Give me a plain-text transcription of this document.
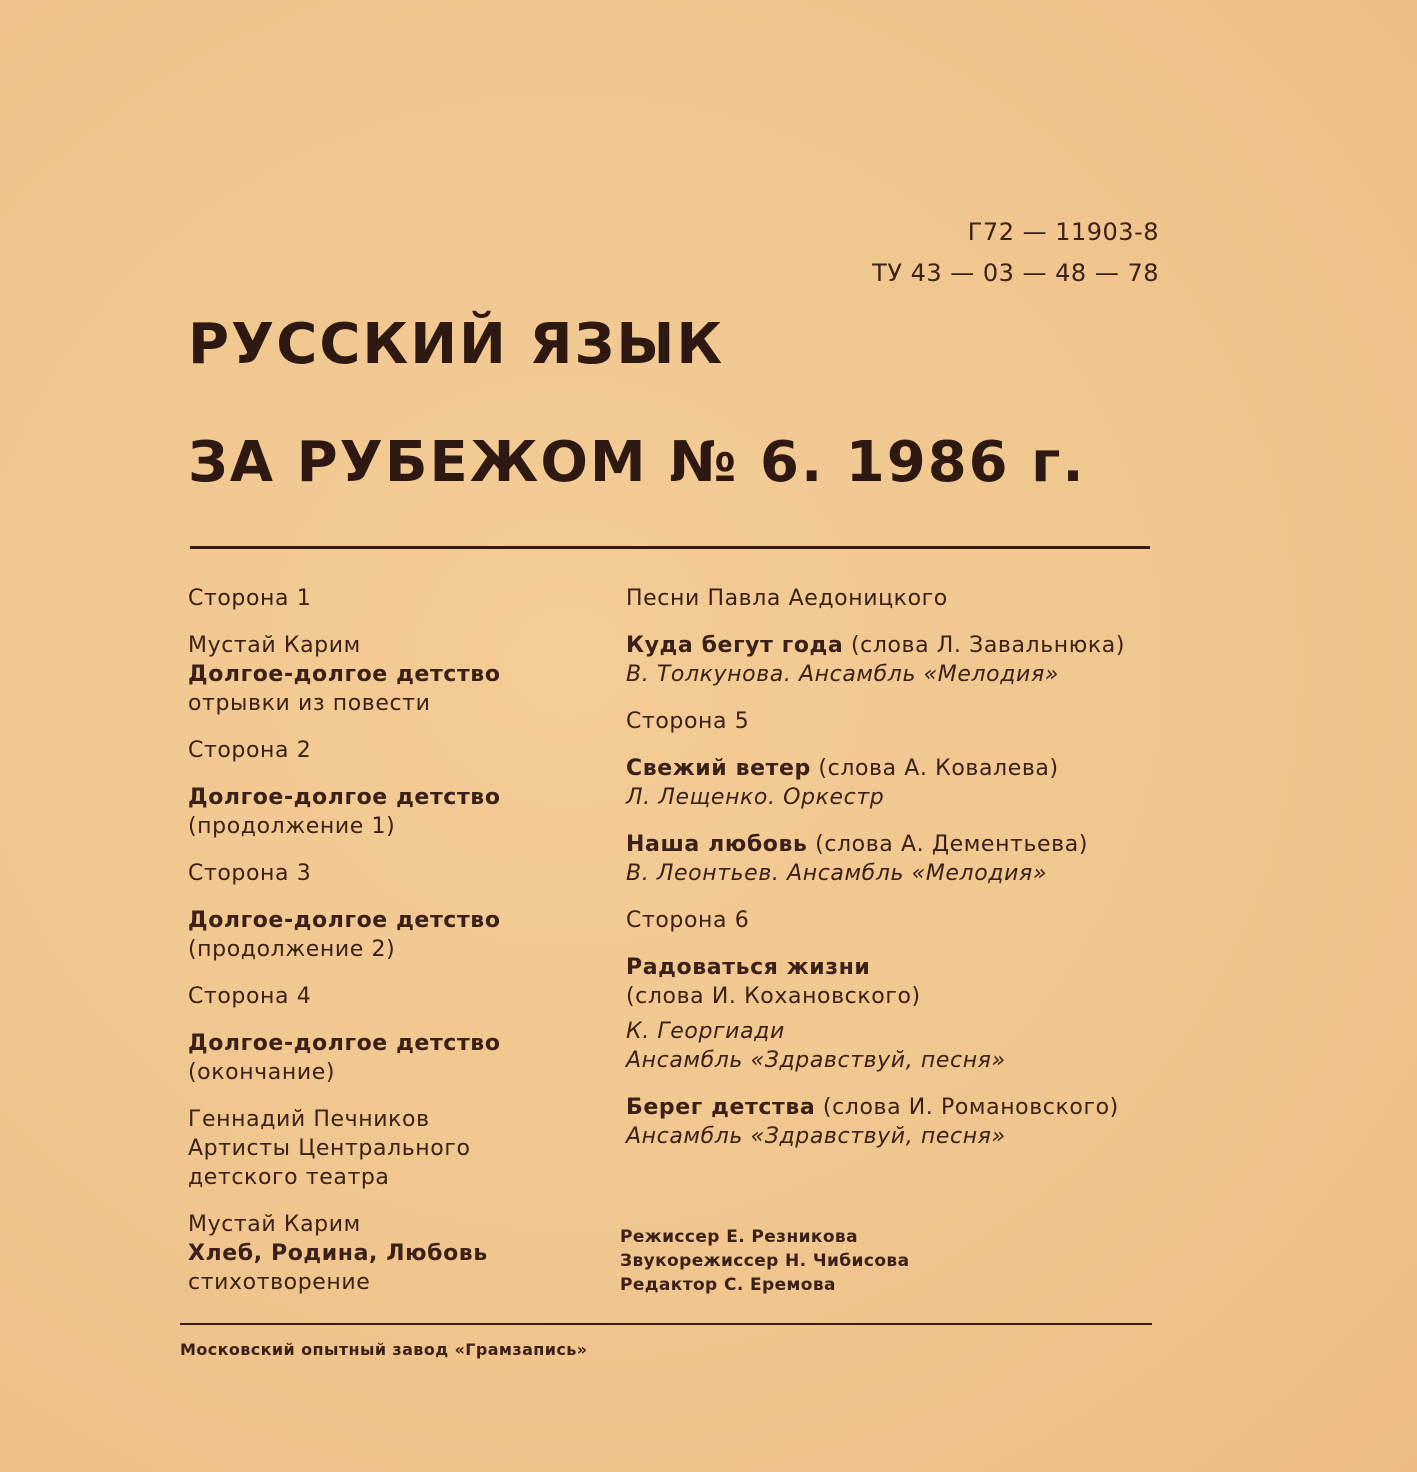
Г72 — 11903-8
ТУ 43 — 03 — 48 — 78
РУССКИЙ ЯЗЫК
ЗА РУБЕЖОМ № 6. 1986 г.
Сторона 1
Мустай Карим
Долгое-долгое детство
отрывки из повести
Сторона 2
Долгое-долгое детство
(продолжение 1)
Сторона 3
Долгое-долгое детство
(продолжение 2)
Сторона 4
Долгое-долгое детство
(окончание)
Геннадий Печников
Артисты Центрального
детского театра
Мустай Карим
Хлеб, Родина, Любовь
стихотворение
Песни Павла Аедоницкого
Куда бегут года (слова Л. Завальнюка)
В. Толкунова. Ансамбль «Мелодия»
Сторона 5
Свежий ветер (слова А. Ковалева)
Л. Лещенко. Оркестр
Наша любовь (слова А. Дементьева)
В. Леонтьев. Ансамбль «Мелодия»
Сторона 6
Радоваться жизни
(слова И. Кохановского)
К. Георгиади
Ансамбль «Здравствуй, песня»
Берег детства (слова И. Романовского)
Ансамбль «Здравствуй, песня»
Режиссер Е. Резникова
Звукорежиссер Н. Чибисова
Редактор С. Еремова
Московский опытный завод «Грамзапись»
